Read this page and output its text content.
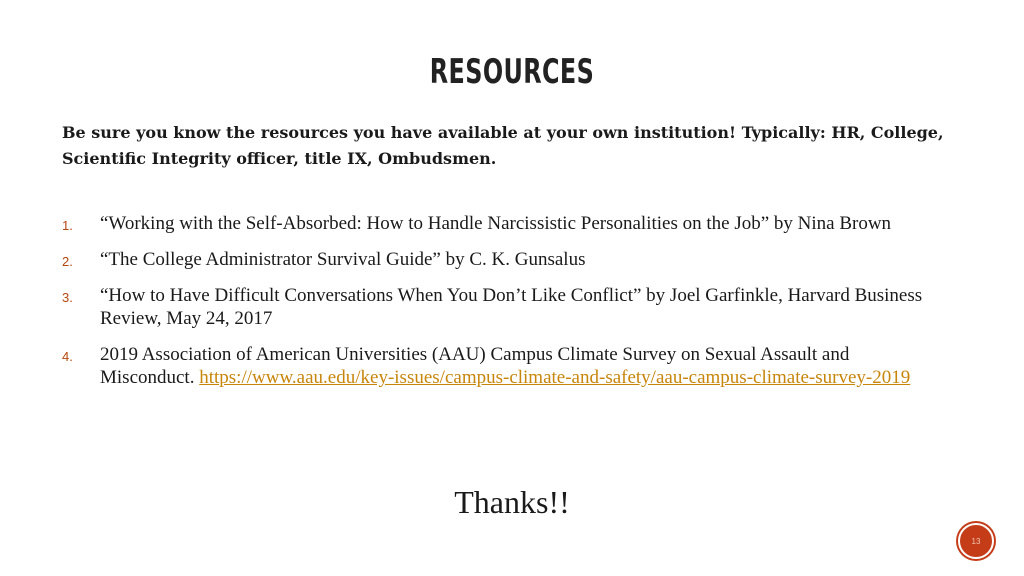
RESOURCES

Be sure you know the resources you have available at your own institution! Typically: HR, College, Scientific Integrity officer, title IX, Ombudsmen.

1. “Working with the Self-Absorbed: How to Handle Narcissistic Personalities on the Job” by Nina Brown
2. “The College Administrator Survival Guide” by C. K. Gunsalus
3. “How to Have Difficult Conversations When You Don’t Like Conflict” by Joel Garfinkle, Harvard Business Review, May 24, 2017
4. 2019 Association of American Universities (AAU) Campus Climate Survey on Sexual Assault and Misconduct. https://www.aau.edu/key-issues/campus-climate-and-safety/aau-campus-climate-survey-2019

Thanks!!

13
